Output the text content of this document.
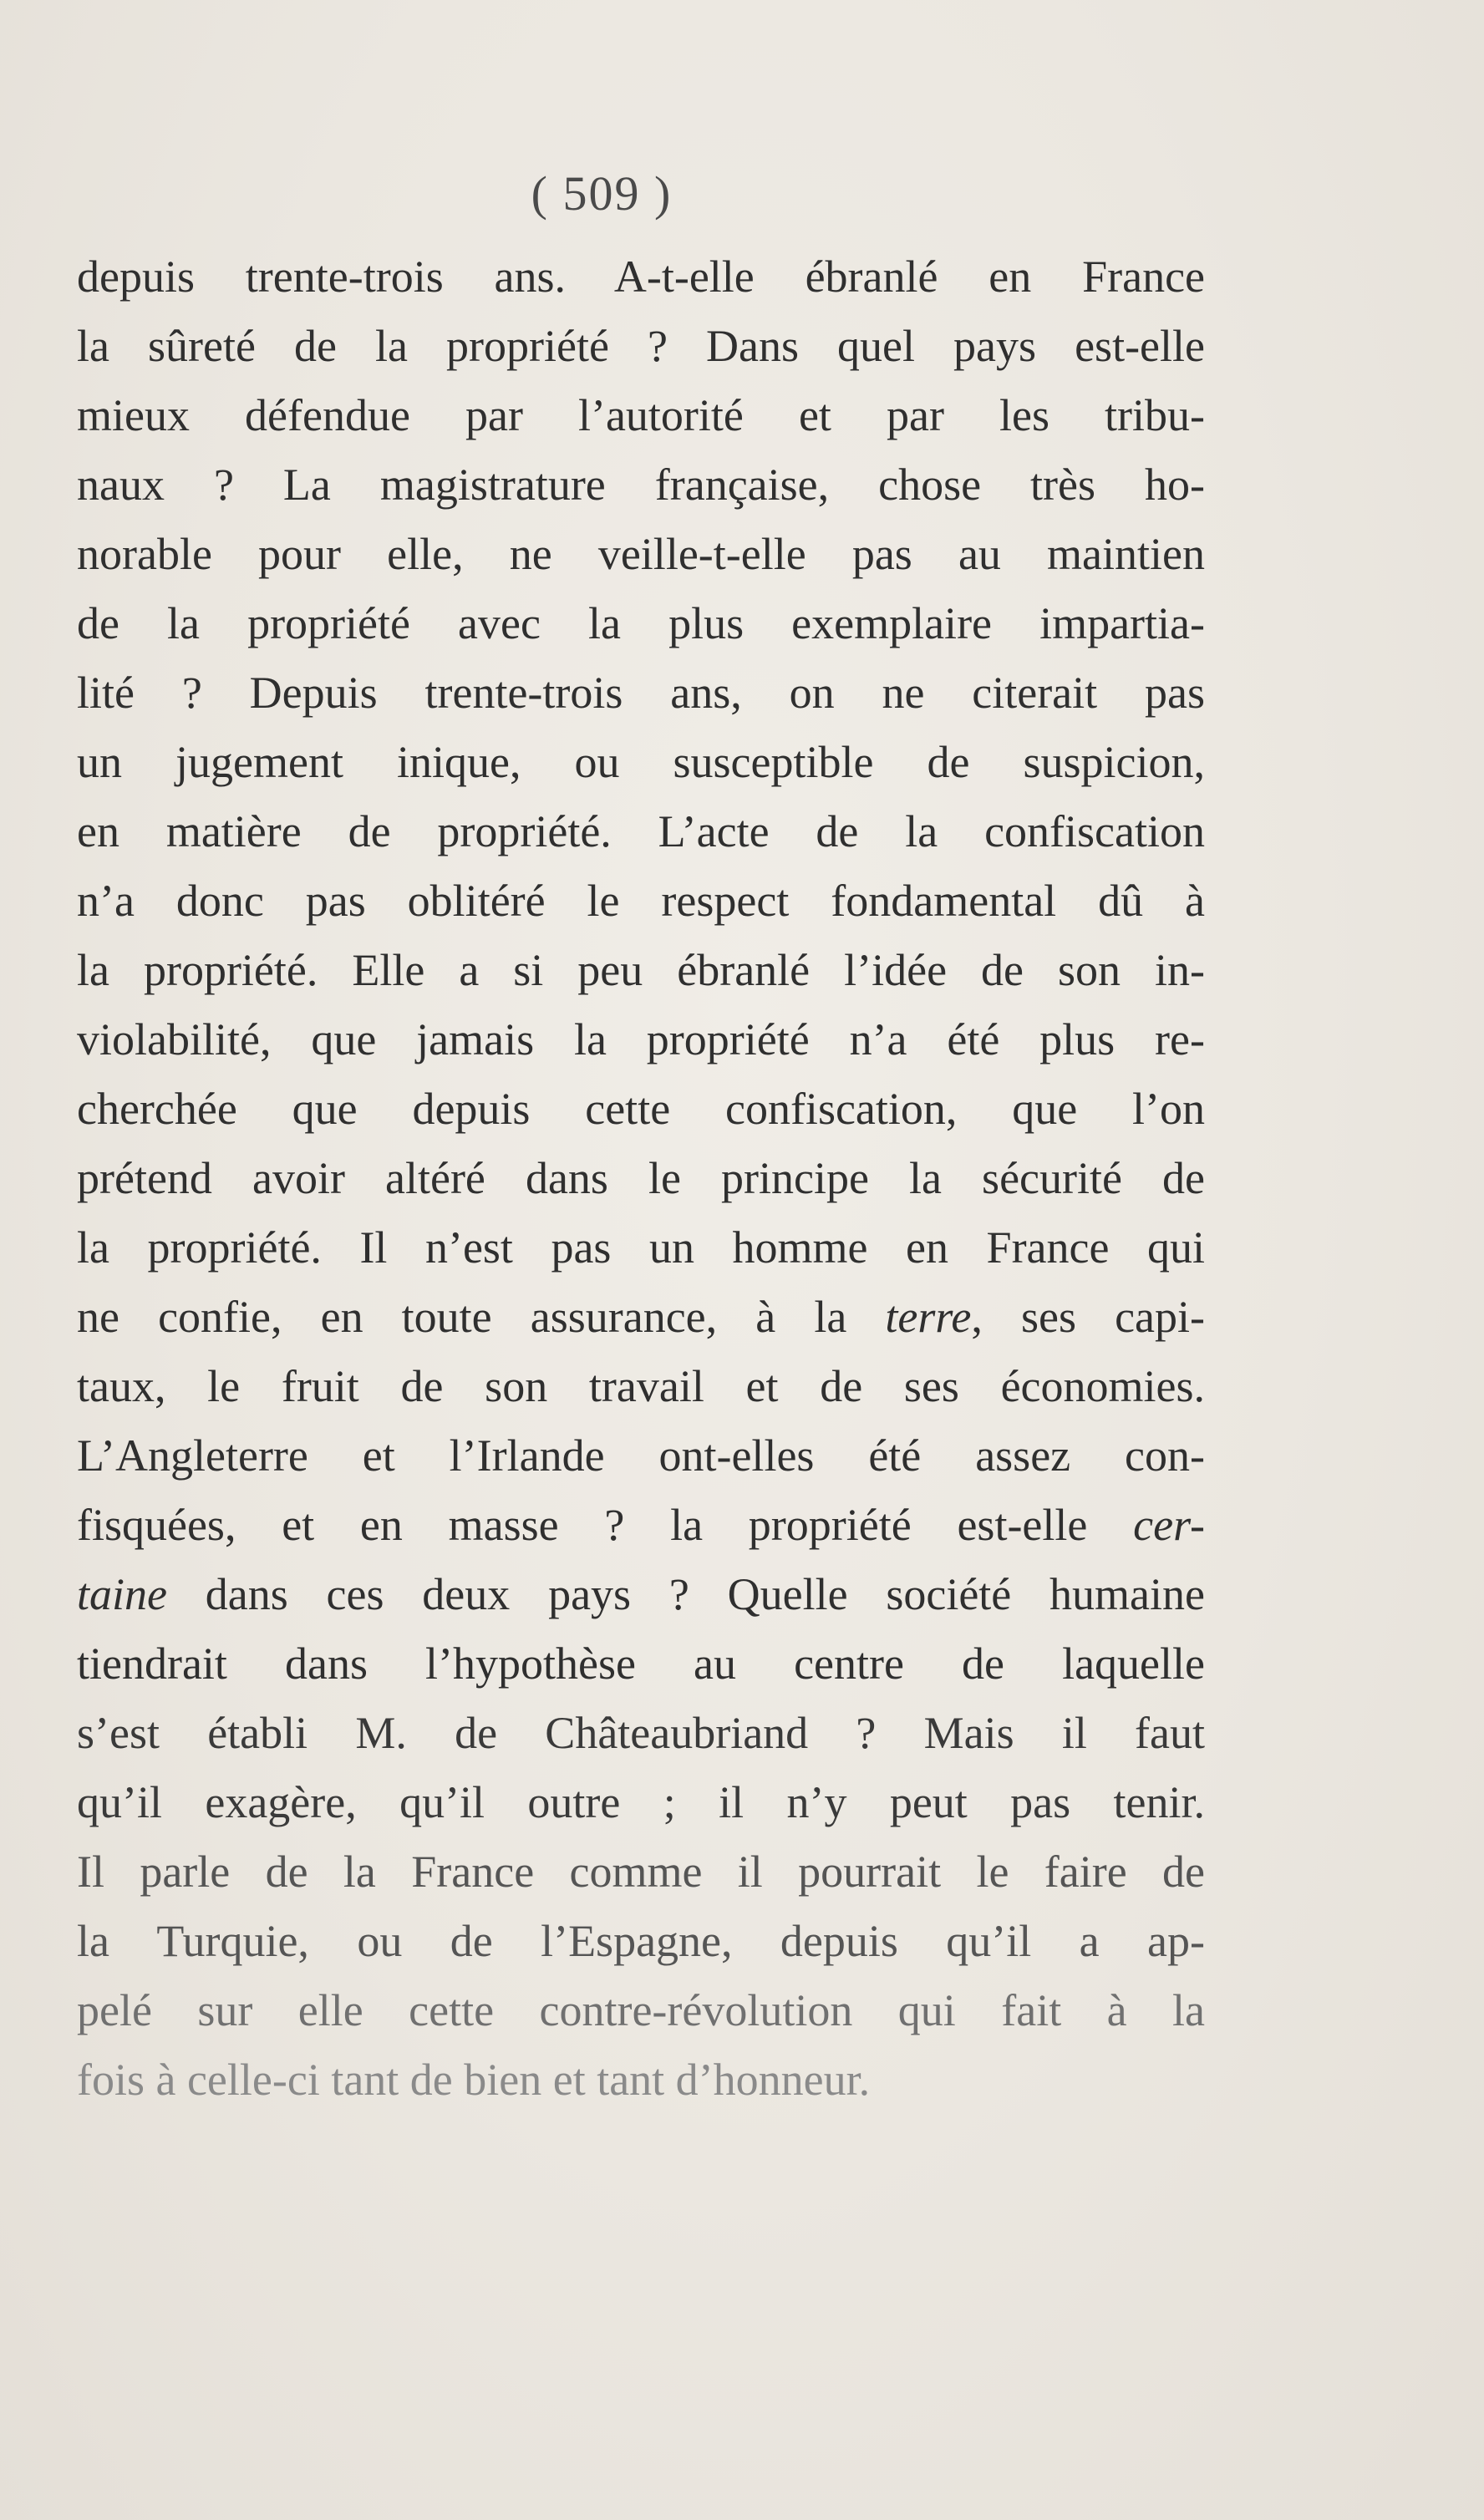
( 509 )
depuis trente-trois ans. A-t-elle ébranlé en France
la sûreté de la propriété ? Dans quel pays est-elle
mieux défendue par l’autorité et par les tribu-
naux ? La magistrature française, chose très ho-
norable pour elle, ne veille-t-elle pas au maintien
de la propriété avec la plus exemplaire impartia-
lité ? Depuis trente-trois ans, on ne citerait pas
un jugement inique, ou susceptible de suspicion,
en matière de propriété. L’acte de la confiscation
n’a donc pas oblitéré le respect fondamental dû à
la propriété. Elle a si peu ébranlé l’idée de son in-
violabilité, que jamais la propriété n’a été plus re-
cherchée que depuis cette confiscation, que l’on
prétend avoir altéré dans le principe la sécurité de
la propriété. Il n’est pas un homme en France qui
ne confie, en toute assurance, à la terre, ses capi-
taux, le fruit de son travail et de ses économies.
L’Angleterre et l’Irlande ont-elles été assez con-
fisquées, et en masse ? la propriété est-elle cer-
taine dans ces deux pays ? Quelle société humaine
tiendrait dans l’hypothèse au centre de laquelle
s’est établi M. de Châteaubriand ? Mais il faut
qu’il exagère, qu’il outre ; il n’y peut pas tenir.
Il parle de la France comme il pourrait le faire de
la Turquie, ou de l’Espagne, depuis qu’il a ap-
pelé sur elle cette contre-révolution qui fait à la
fois à celle-ci tant de bien et tant d’honneur.
